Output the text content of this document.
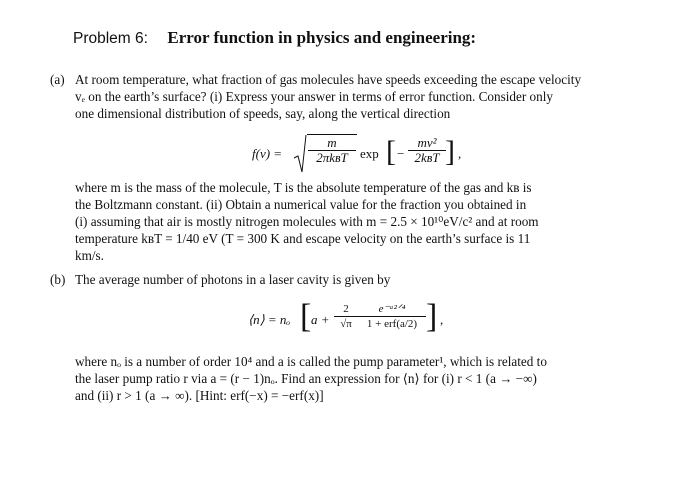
Problem 6: Error function in physics and engineering:
(a) At room temperature, what fraction of gas molecules have speeds exceeding the escape velocity
vₑ on the earth’s surface? (i) Express your answer in terms of error function. Consider only
one dimensional distribution of speeds, say, along the vertical direction
f(v) =
m
2πkʙT exp [ −
mv²
2kʙT ] ,
where m is the mass of the molecule, T is the absolute temperature of the gas and kʙ is
the Boltzmann constant. (ii) Obtain a numerical value for the fraction you obtained in
(i) assuming that air is mostly nitrogen molecules with m = 2.5 × 10¹⁰eV/c² and at room
temperature kʙT = 1/40 eV (T = 300 K and escape velocity on the earth’s surface is 11
km/s.
(b) The average number of photons in a laser cavity is given by
⟨n⟩ = nₒ [ $a + \frac{2}{√\pi}$	e⁻ᵃ²ᐟ⁴
1 + erf(a/2) ] ,
where nₒ is a number of order 10⁴ and a is called the pump parameter¹, which is related to
the laser pump ratio r via a = (r − 1)nₒ. Find an expression for ⟨n⟩ for (i) r < 1 (a → −∞)
and (ii) r > 1 (a → ∞). [Hint: erf(−x) = −erf(x)]
